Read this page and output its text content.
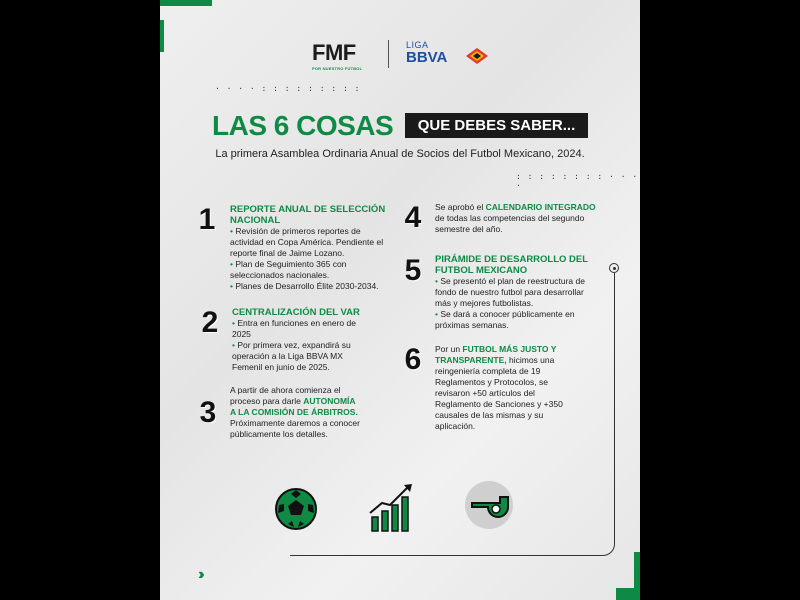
FMF
POR NUESTRO FÚTBOL
LIGA
BBVA
· · · · : : : : : : : : :
: : : : : : : : · · · ·
LAS 6 COSAS	QUE DEBES SABER...
La primera Asamblea Ordinaria Anual de Socios del Futbol Mexicano, 2024.
1	REPORTE ANUAL DE SELECCIÓN NACIONAL
• Revisión de primeros reportes de actividad en Copa América. Pendiente el reporte final de Jaime Lozano.
• Plan de Seguimiento 365 con seleccionados nacionales.
• Planes de Desarrollo Élite 2030-2034.
2	CENTRALIZACIÓN DEL VAR
• Entra en funciones en enero de 2025
• Por primera vez, expandirá su operación a la Liga BBVA MX Femenil en junio de 2025.
3
A partir de ahora comienza el proceso para darle AUTONOMÍA A LA COMISIÓN DE ÁRBITROS. Próximamente daremos a conocer públicamente los detalles.
4	Se aprobó el CALENDARIO INTEGRADO de todas las competencias del segundo semestre del año.
5	PIRÁMIDE DE DESARROLLO DEL FUTBOL MEXICANO
• Se presentó el plan de reestructura de fondo de nuestro futbol para desarrollar más y mejores futbolistas.
• Se dará a conocer públicamente en próximas semanas.
6	Por un FUTBOL MÁS JUSTO Y TRANSPARENTE, hicimos una reingeniería completa de 19 Reglamentos y Protocolos, se revisaron +50 artículos del Reglamento de Sanciones y +350 causales de las mismas y su aplicación.
››
